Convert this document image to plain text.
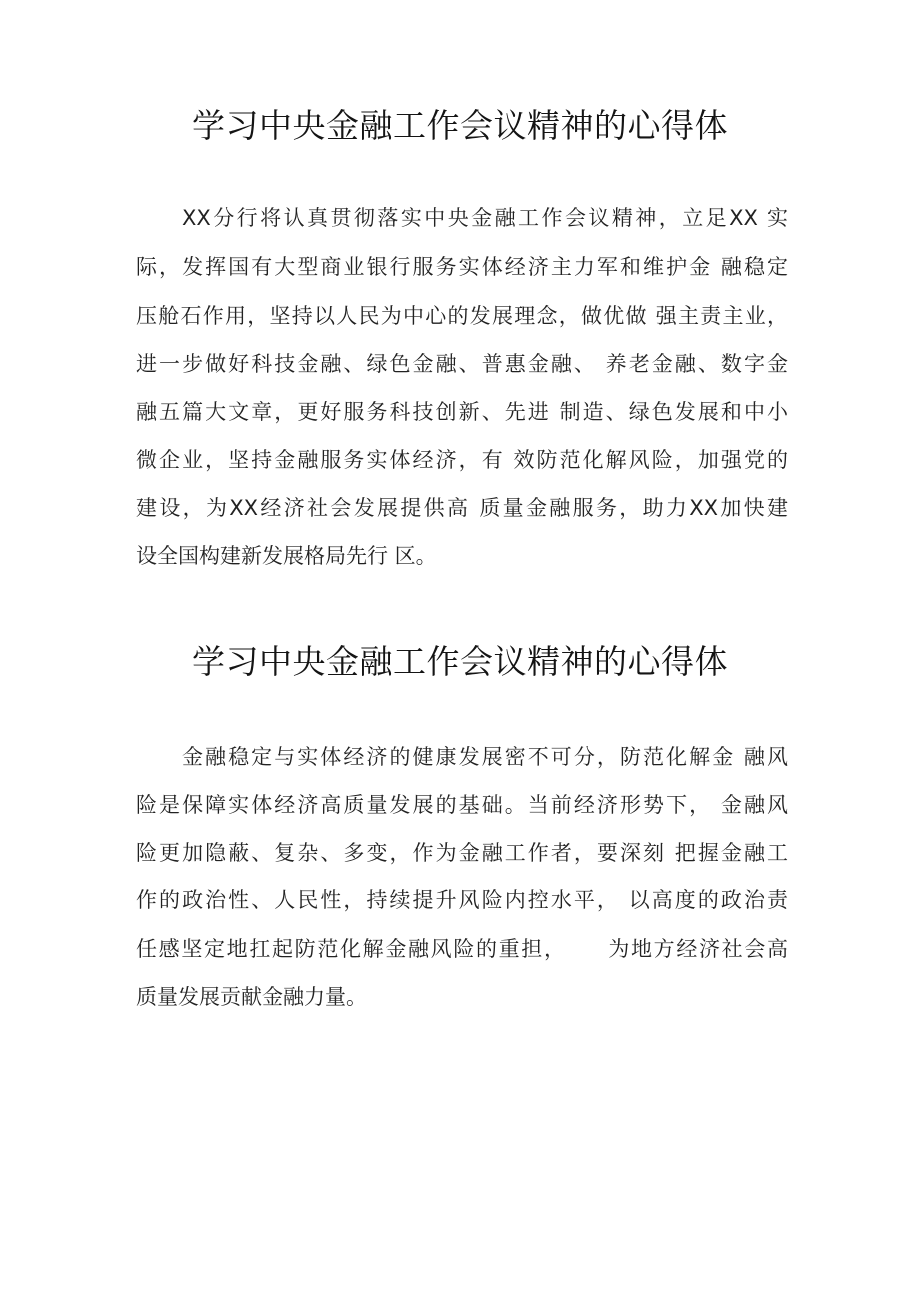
学习中央金融工作会议精神的心得体
XX分行将认真贯彻落实中央金融工作会议精神，立足XX 实
际，发挥国有大型商业银行服务实体经济主力军和维护金 融稳定
压舱石作用，坚持以人民为中心的发展理念，做优做 强主责主业，
进一步做好科技金融、绿色金融、普惠金融、 养老金融、数字金
融五篇大文章，更好服务科技创新、先进 制造、绿色发展和中小
微企业，坚持金融服务实体经济，有 效防范化解风险，加强党的
建设，为XX经济社会发展提供高 质量金融服务，助力XX加快建
设全国构建新发展格局先行 区。
学习中央金融工作会议精神的心得体
金融稳定与实体经济的健康发展密不可分，防范化解金 融风
险是保障实体经济高质量发展的基础。当前经济形势下， 金融风
险更加隐蔽、复杂、多变，作为金融工作者，要深刻 把握金融工
作的政治性、人民性，持续提升风险内控水平， 以高度的政治责
任感坚定地扛起防范化解金融风险的重担，     为地方经济社会高
质量发展贡献金融力量。
